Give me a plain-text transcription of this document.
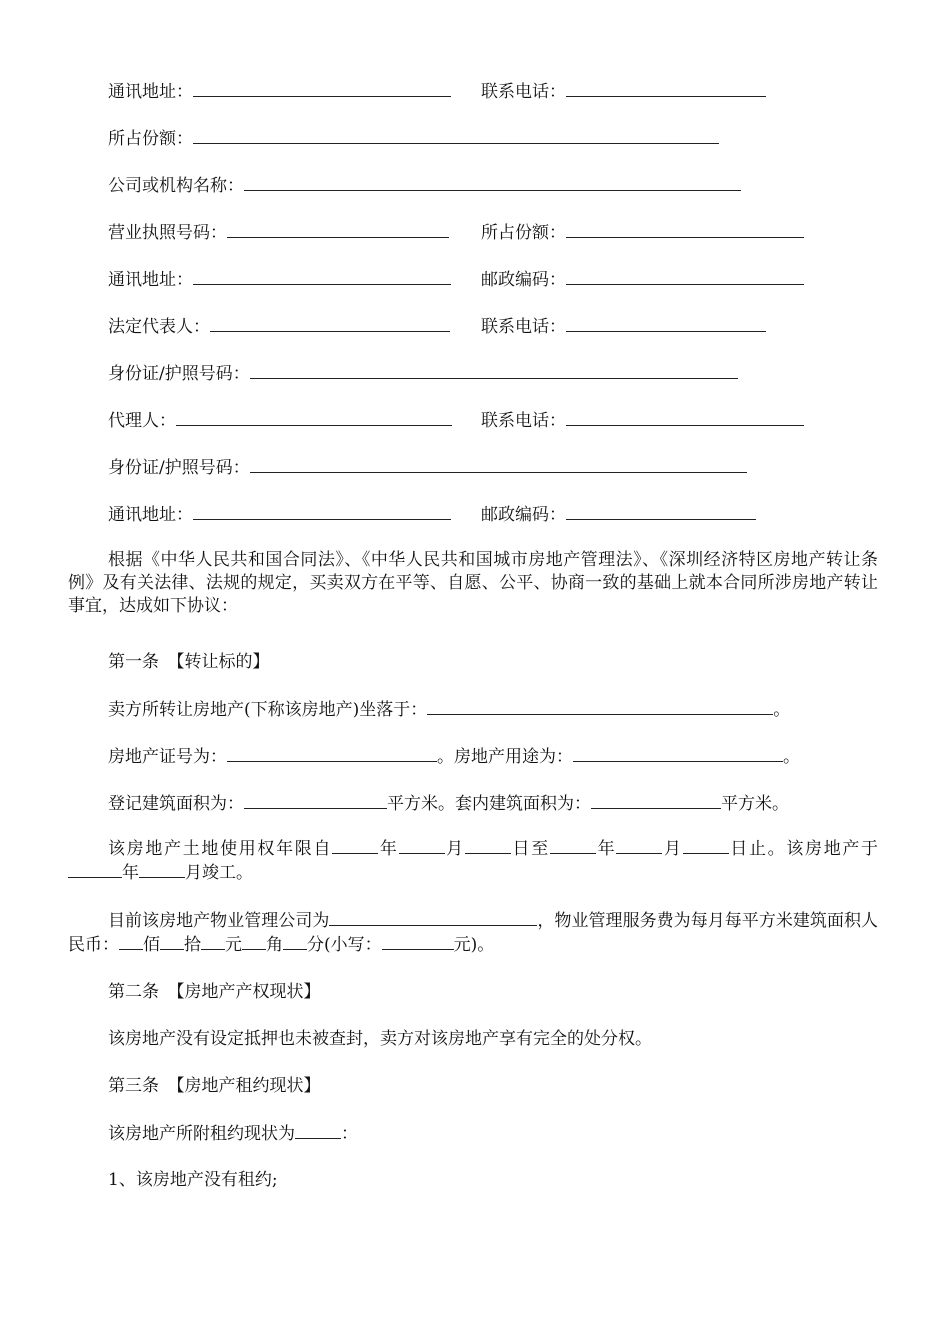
通讯地址：	联系电话：
所占份额：
公司或机构名称：
营业执照号码：	所占份额：
通讯地址：	邮政编码：
法定代表人：	联系电话：
身份证/护照号码：
代理人：	联系电话：
身份证/护照号码：
通讯地址：	邮政编码：
根据《中华人民共和国合同法》、《中华人民共和国城市房地产管理法》、《深圳经济特区房地产转让条例》及有关法律、法规的规定，买卖双方在平等、自愿、公平、协商一致的基础上就本合同所涉房地产转让事宜，达成如下协议：
第一条　【转让标的】
卖方所转让房地产(下称该房地产)坐落于：	。
房地产证号为：	。房地产用途为：	。
登记建筑面积为：	平方米。套内建筑面积为：	平方米。
该房地产土地使用权年限自	年	月	日至	年	月	日止。该房地产于年	月竣工。
目前该房地产物业管理公司为	，物业管理服务费为每月每平方米建筑面积人民币： 佰 拾 元 角 分(小写：	元)。
第二条　【房地产产权现状】
该房地产没有设定抵押也未被查封，卖方对该房地产享有完全的处分权。
第三条　【房地产租约现状】
该房地产所附租约现状为	：
1、该房地产没有租约;
